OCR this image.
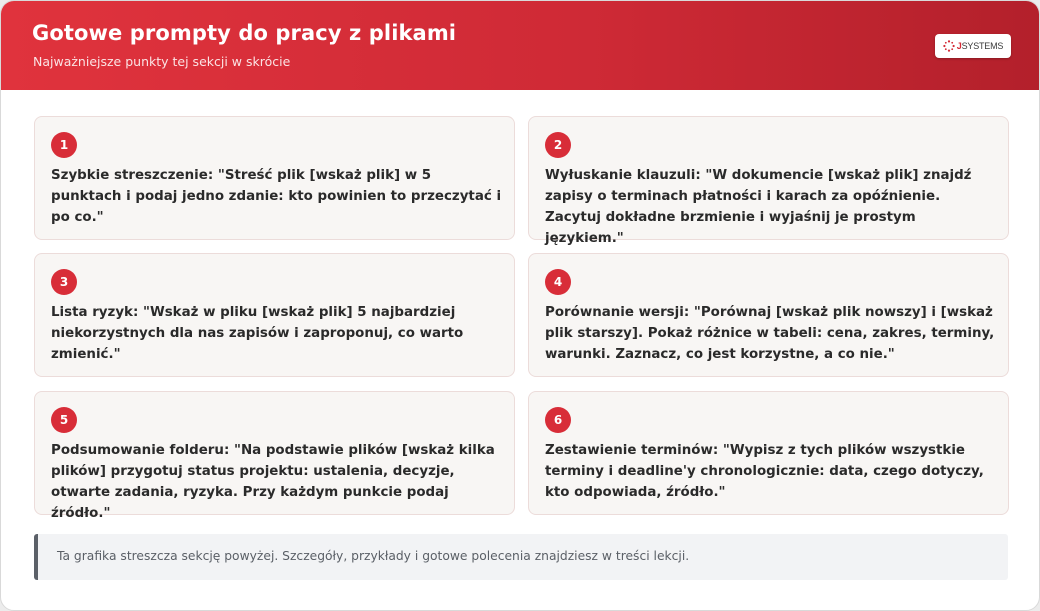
Gotowe prompty do pracy z plikami
Najważniejsze punkty tej sekcji w skrócie
JSYSTEMS
1
Szybkie streszczenie: "Streść plik [wskaż plik] w 5 punktach i podaj jedno zdanie: kto powinien to przeczytać i po co."
2
Wyłuskanie klauzuli: "W dokumencie [wskaż plik] znajdź zapisy o terminach płatności i karach za opóźnienie. Zacytuj dokładne brzmienie i wyjaśnij je prostym językiem."
3
Lista ryzyk: "Wskaż w pliku [wskaż plik] 5 najbardziej niekorzystnych dla nas zapisów i zaproponuj, co warto zmienić."
4
Porównanie wersji: "Porównaj [wskaż plik nowszy] i [wskaż plik starszy]. Pokaż różnice w tabeli: cena, zakres, terminy, warunki. Zaznacz, co jest korzystne, a co nie."
5
Podsumowanie folderu: "Na podstawie plików [wskaż kilka plików] przygotuj status projektu: ustalenia, decyzje, otwarte zadania, ryzyka. Przy każdym punkcie podaj źródło."
6
Zestawienie terminów: "Wypisz z tych plików wszystkie terminy i deadline'y chronologicznie: data, czego dotyczy, kto odpowiada, źródło."
Ta grafika streszcza sekcję powyżej. Szczegóły, przykłady i gotowe polecenia znajdziesz w treści lekcji.
